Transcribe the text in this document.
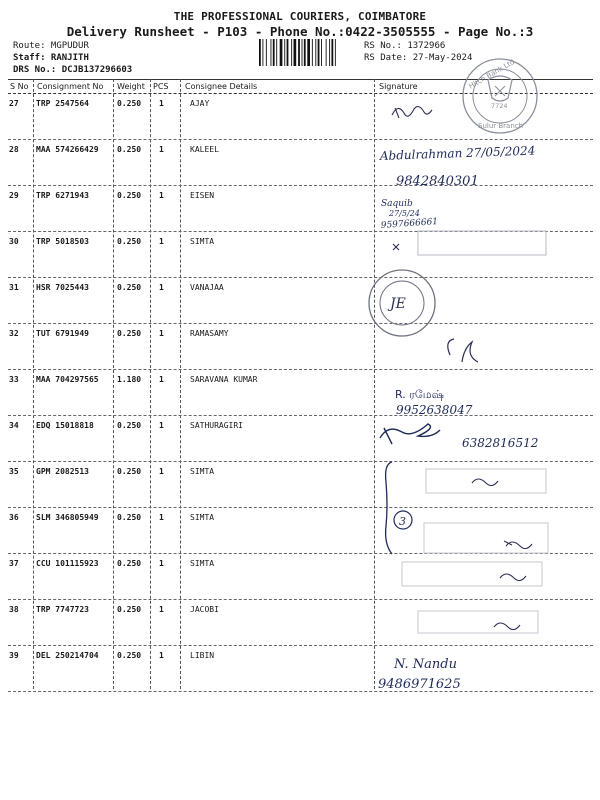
THE PROFESSIONAL COURIERS, COIMBATORE
Delivery Runsheet - P103 - Phone No.:0422-3505555 - Page No.:3
Route: MGPUDUR
Staff: RANJITH
DRS No.: DCJB137296603
RS No.: 1372966
RS Date: 27-May-2024
S No Consignment No Weight PCS Consignee Details	Signature
27 TRP 2547564	0.250 1	AJAY
28 MAA 574266429 0.250 1	KALEEL
29 TRP 6271943	0.250 1	EISEN
30 TRP 5018503	0.250 1	SIMTA
31 HSR 7025443	0.250 1	VANAJAA
32 TUT 6791949	0.250 1	RAMASAMY
33 MAA 704297565 1.180 1	SARAVANA KUMAR
34 EDQ 15018818	0.250 1	SATHURAGIRI
35 GPM 2082513	0.250 1	SIMTA
36 SLM 346805949 0.250 1	SIMTA
37 CCU 101115923 0.250 1	SIMTA
38 TRP 7747723	0.250 1	JACOBI
39 DEL 250214704 0.250 1	LIBIN
Hitch Bank Ltd.
Sulur Branch
7724
Abdulrahman 27/05/2024
9842840301
Saquib
27/5/24
9597666661
JE
R. ரமேஷ்
9952638047
6382816512
3
N. Nandu
9486971625
